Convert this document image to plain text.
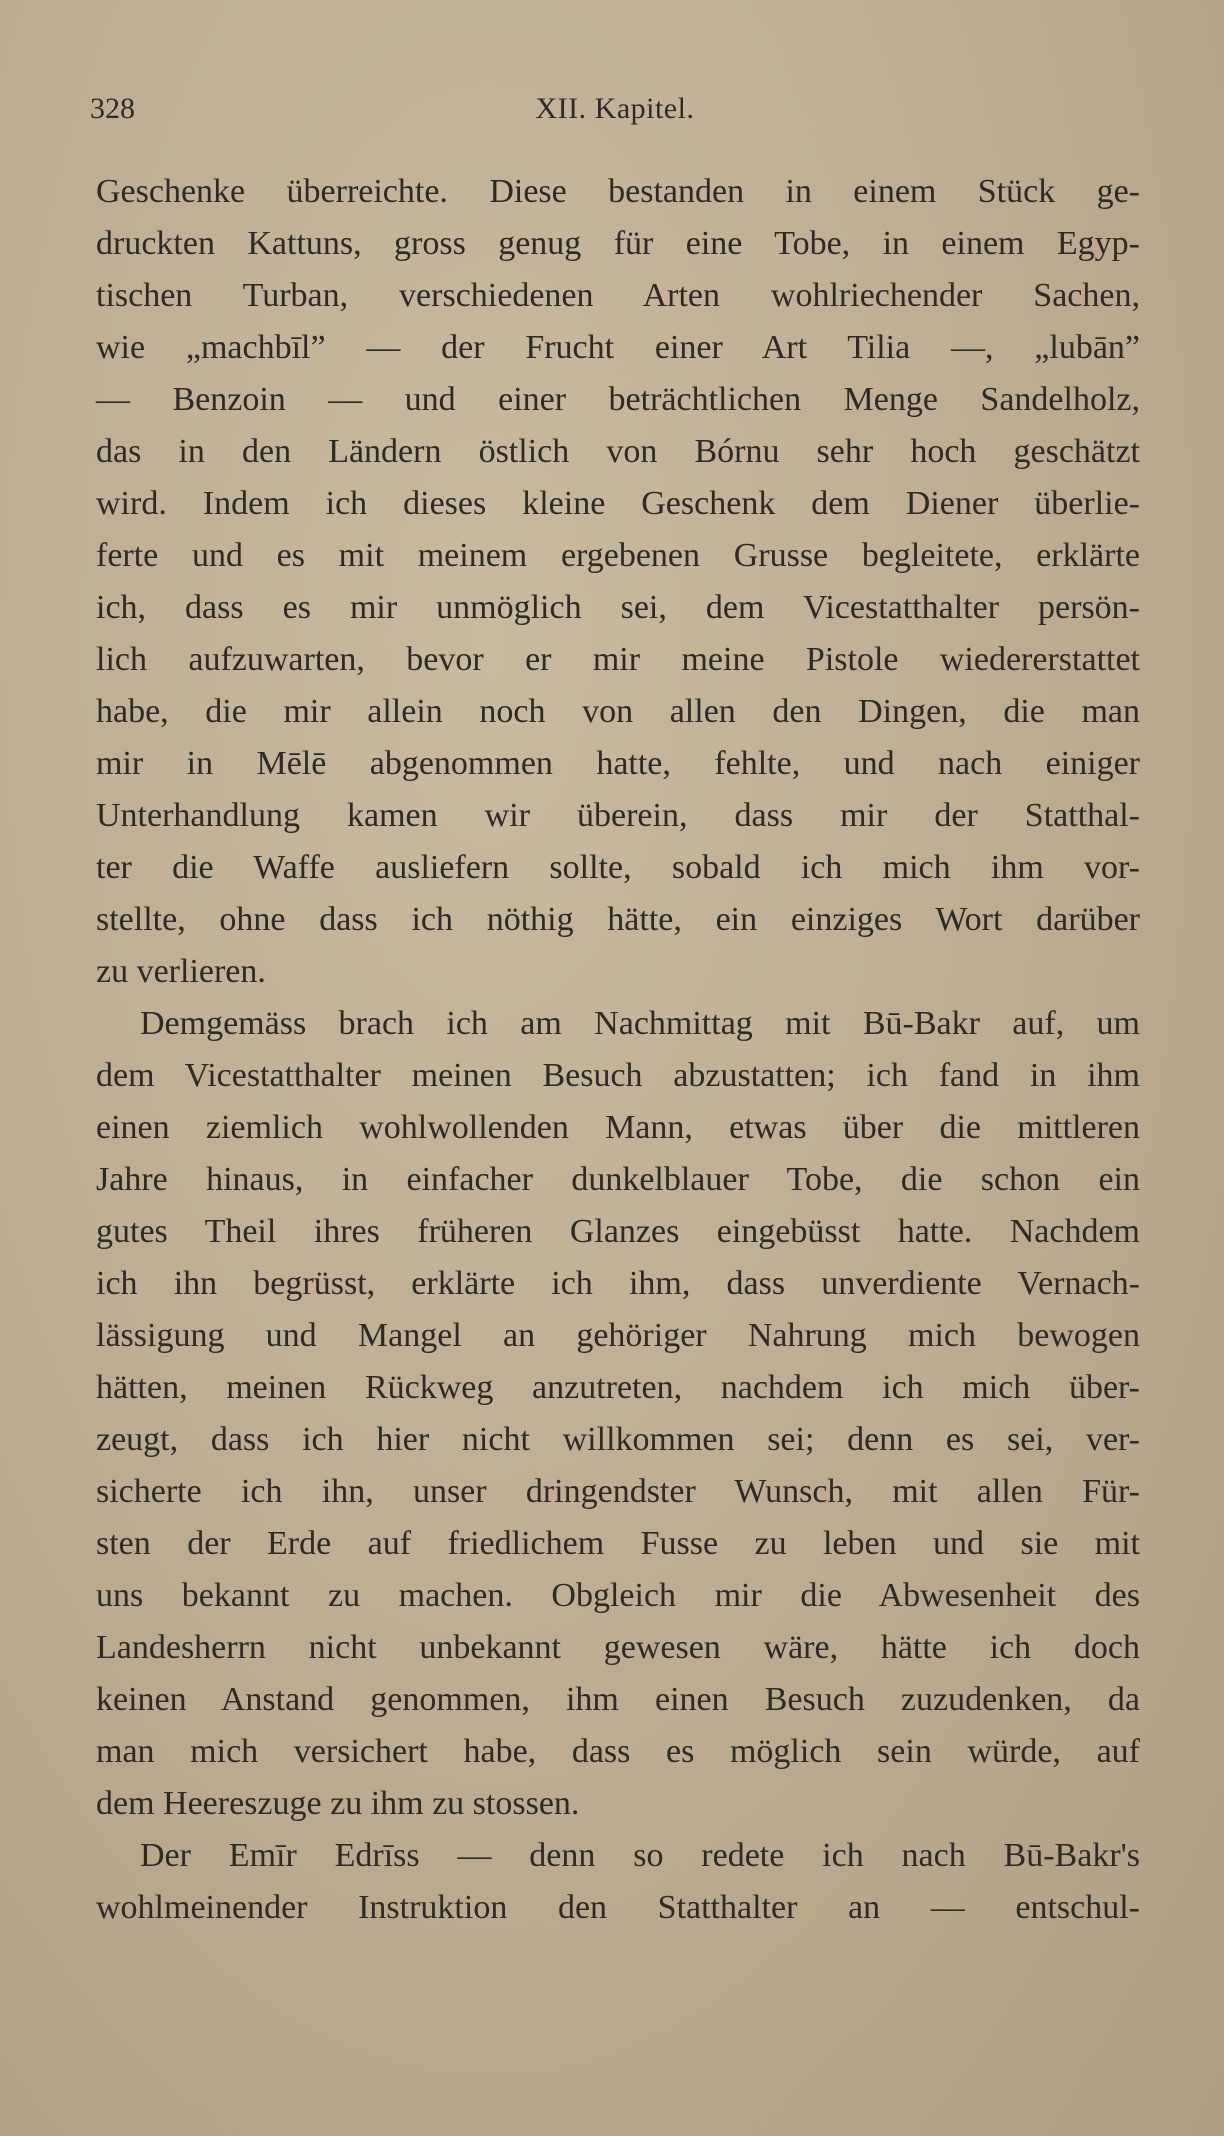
328	XII. Kapitel.
Geschenke überreichte. Diese bestanden in einem Stück ge-
druckten Kattuns, gross genug für eine Tobe, in einem Egyp-
tischen Turban, verschiedenen Arten wohlriechender Sachen,
wie „machbīl” — der Frucht einer Art Tilia —, „lubān”
— Benzoin — und einer beträchtlichen Menge Sandelholz,
das in den Ländern östlich von Bórnu sehr hoch geschätzt
wird. Indem ich dieses kleine Geschenk dem Diener überlie-
ferte und es mit meinem ergebenen Grusse begleitete, erklärte
ich, dass es mir unmöglich sei, dem Vicestatthalter persön-
lich aufzuwarten, bevor er mir meine Pistole wiedererstattet
habe, die mir allein noch von allen den Dingen, die man
mir in Mēlē abgenommen hatte, fehlte, und nach einiger
Unterhandlung kamen wir überein, dass mir der Statthal-
ter die Waffe ausliefern sollte, sobald ich mich ihm vor-
stellte, ohne dass ich nöthig hätte, ein einziges Wort darüber
zu verlieren.
Demgemäss brach ich am Nachmittag mit Bū-Bakr auf, um
dem Vicestatthalter meinen Besuch abzustatten; ich fand in ihm
einen ziemlich wohlwollenden Mann, etwas über die mittleren
Jahre hinaus, in einfacher dunkelblauer Tobe, die schon ein
gutes Theil ihres früheren Glanzes eingebüsst hatte. Nachdem
ich ihn begrüsst, erklärte ich ihm, dass unverdiente Vernach-
lässigung und Mangel an gehöriger Nahrung mich bewogen
hätten, meinen Rückweg anzutreten, nachdem ich mich über-
zeugt, dass ich hier nicht willkommen sei; denn es sei, ver-
sicherte ich ihn, unser dringendster Wunsch, mit allen Für-
sten der Erde auf friedlichem Fusse zu leben und sie mit
uns bekannt zu machen. Obgleich mir die Abwesenheit des
Landesherrn nicht unbekannt gewesen wäre, hätte ich doch
keinen Anstand genommen, ihm einen Besuch zuzudenken, da
man mich versichert habe, dass es möglich sein würde, auf
dem Heereszuge zu ihm zu stossen.
Der Emīr Edrīss — denn so redete ich nach Bū-Bakr's
wohlmeinender Instruktion den Statthalter an — entschul-
